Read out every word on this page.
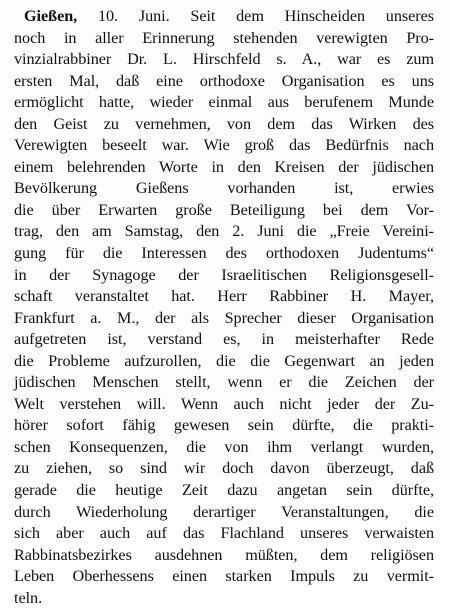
Gießen, 10. Juni. Seit dem Hinscheiden unseres
noch in aller Erinnerung stehenden verewigten Pro-
vinzialrabbiner Dr. L. Hirschfeld s. A., war es zum
ersten Mal, daß eine orthodoxe Organisation es uns
ermöglicht hatte, wieder einmal aus berufenem Munde
den Geist zu vernehmen, von dem das Wirken des
Verewigten beseelt war. Wie groß das Bedürfnis nach
einem belehrenden Worte in den Kreisen der jüdischen
Bevölkerung Gießens vorhanden ist, erwies
die über Erwarten große Beteiligung bei dem Vor-
trag, den am Samstag, den 2. Juni die „Freie Vereini-
gung für die Interessen des orthodoxen Judentums“
in der Synagoge der Israelitischen Religionsgesell-
schaft veranstaltet hat. Herr Rabbiner H. Mayer,
Frankfurt a. M., der als Sprecher dieser Organisation
aufgetreten ist, verstand es, in meisterhafter Rede
die Probleme aufzurollen, die die Gegenwart an jeden
jüdischen Menschen stellt, wenn er die Zeichen der
Welt verstehen will. Wenn auch nicht jeder der Zu-
hörer sofort fähig gewesen sein dürfte, die prakti-
schen Konsequenzen, die von ihm verlangt wurden,
zu ziehen, so sind wir doch davon überzeugt, daß
gerade die heutige Zeit dazu angetan sein dürfte,
durch Wiederholung derartiger Veranstaltungen, die
sich aber auch auf das Flachland unseres verwaisten
Rabbinatsbezirkes ausdehnen müßten, dem religiösen
Leben Oberhessens einen starken Impuls zu vermit-
teln.
